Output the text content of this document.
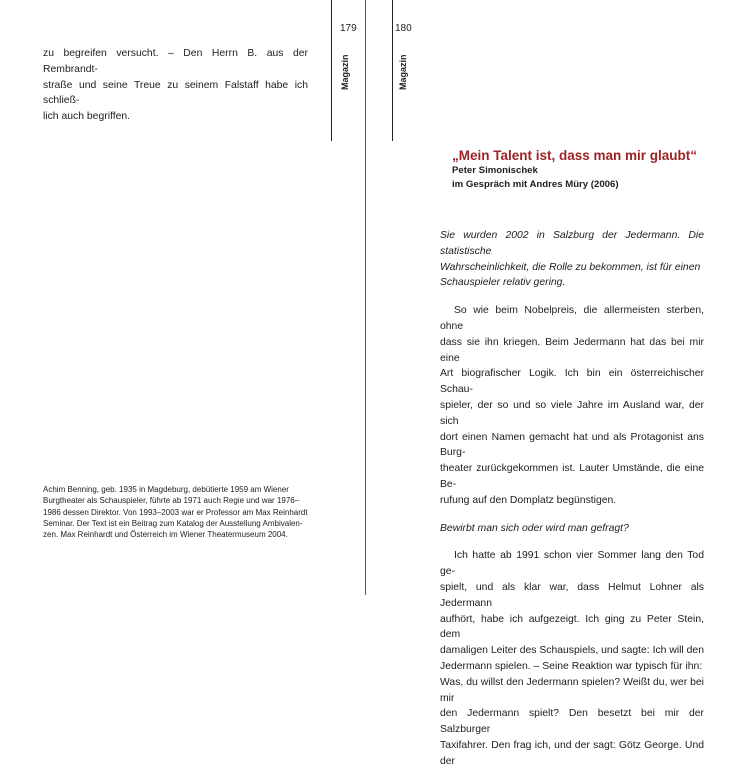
179
Magazin

zu begreifen versucht. – Den Herrn B. aus der Rembrandt-

straße und seine Treue zu seinem Falstaff habe ich schließ-

lich auch begriffen.

Achim Benning, geb. 1935 in Magdeburg, debütierte 1959 am Wiener
Burgtheater als Schauspieler, führte ab 1971 auch Regie und war 1976–
1986 dessen Direktor. Von 1993–2003 war er Professor am Max Reinhardt
Seminar. Der Text ist ein Beitrag zum Katalog der Ausstellung Ambivalen-
zen. Max Reinhardt und Österreich im Wiener Theatermuseum 2004.
180
Magazin
„Mein Talent ist, dass man mir glaubt“
Peter Simonischek
im Gespräch mit Andres Müry (2006)

Sie wurden 2002 in Salzburg der Jedermann. Die statistische

Wahrscheinlichkeit, die Rolle zu bekommen, ist für einen

Schauspieler relativ gering.

So wie beim Nobelpreis, die allermeisten sterben, ohne

dass sie ihn kriegen. Beim Jedermann hat das bei mir eine

Art biografischer Logik. Ich bin ein österreichischer Schau-

spieler, der so und so viele Jahre im Ausland war, der sich

dort einen Namen gemacht hat und als Protagonist ans Burg-

theater zurückgekommen ist. Lauter Umstände, die eine Be-

rufung auf den Domplatz begünstigen.

Bewirbt man sich oder wird man gefragt?

Ich hatte ab 1991 schon vier Sommer lang den Tod ge-

spielt, und als klar war, dass Helmut Lohner als Jedermann

aufhört, habe ich aufgezeigt. Ich ging zu Peter Stein, dem

damaligen Leiter des Schauspiels, und sagte: Ich will den

Jedermann spielen. – Seine Reaktion war typisch für ihn:

Was, du willst den Jedermann spielen? Weißt du, wer bei mir

den Jedermann spielt? Den besetzt bei mir der Salzburger

Taxifahrer. Den frag ich, und der sagt: Götz George. Und der
